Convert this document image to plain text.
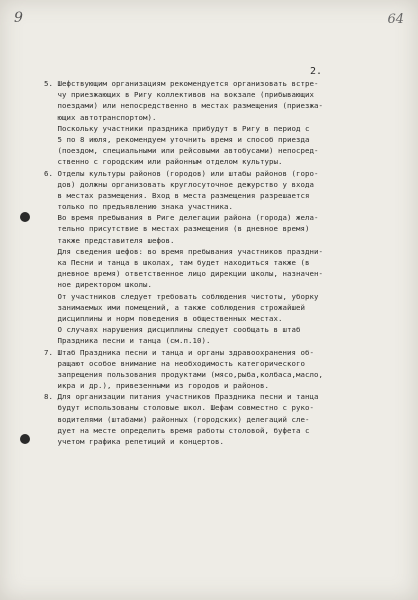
9	64
2.
5. Шефствующим организациям рекомендуется организовать встре-
чу приезжающих в Ригу коллективов на вокзале (прибывающих
поездами) или непосредственно в местах размещения (приезжа-
ющих автотранспортом).
Поскольку участники праздника прибудут в Ригу в период с
5 по 8 июля, рекомендуем уточнить время и способ приезда
(поездом, специальными или рейсовыми автобусами) непосред-
ственно с городским или районным отделом культуры.
6. Отделы культуры районов (городов) или штабы районов (горо-
дов) должны организовать круглосуточное дежурство у входа
в местах размещения. Вход в места размещения разрешается
только по предъявлению знака участника.
Во время пребывания в Риге делегации района (города) жела-
тельно присутствие в местах размещения (в дневное время)
также представителя шефов.
Для сведения шефов: во время пребывания участников праздни-
ка Песни и танца в школах, там будет находиться также (в
дневное время) ответственное лицо дирекции школы, назначен-
ное директором школы.
От участников следует требовать соблюдения чистоты, уборку
занимаемых ими помещений, а также соблюдения строжайшей
дисциплины и норм поведения в общественных местах.
О случаях нарушения дисциплины следует сообщать в штаб
Праздника песни и танца (см.п.10).
7. Штаб Праздника песни и танца и органы здравоохранения об-
ращают особое внимание на необходимость категорического
запрещения пользования продуктами (мясо,рыба,колбаса,масло,
икра и др.), привезенными из городов и районов.
8. Для организации питания участников Праздника песни и танца
будут использованы столовые школ. Шефам совместно с руко-
водителями (штабами) районных (городских) делегаций сле-
дует на месте определить время работы столовой, буфета с
учетом графика репетиций и концертов.
